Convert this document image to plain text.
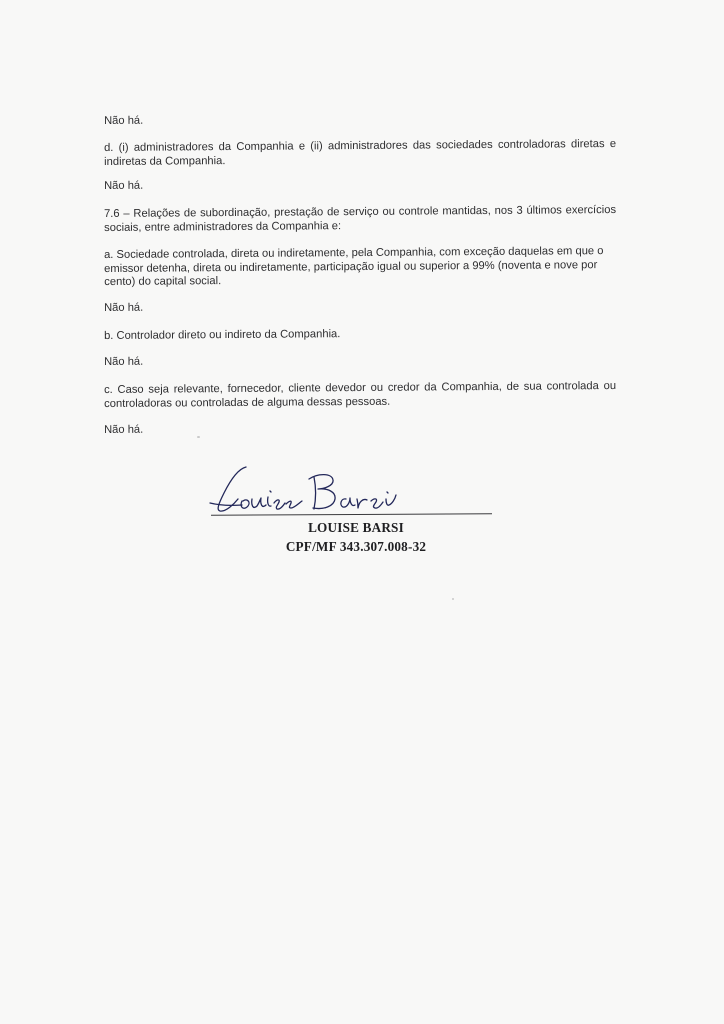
Não há.
d. (i) administradores da Companhia e (ii) administradores das sociedades controladoras diretas e indiretas da Companhia.
Não há.
7.6 – Relações de subordinação, prestação de serviço ou controle mantidas, nos 3 últimos exercícios sociais, entre administradores da Companhia e:
a. Sociedade controlada, direta ou indiretamente, pela Companhia, com exceção daquelas em que o emissor detenha, direta ou indiretamente, participação igual ou superior a 99% (noventa e nove por cento) do capital social.
Não há.
b. Controlador direto ou indireto da Companhia.
Não há.
c. Caso seja relevante, fornecedor, cliente devedor ou credor da Companhia, de sua controlada ou controladoras ou controladas de alguma dessas pessoas.
Não há.
LOUISE BARSI
CPF/MF 343.307.008-32
